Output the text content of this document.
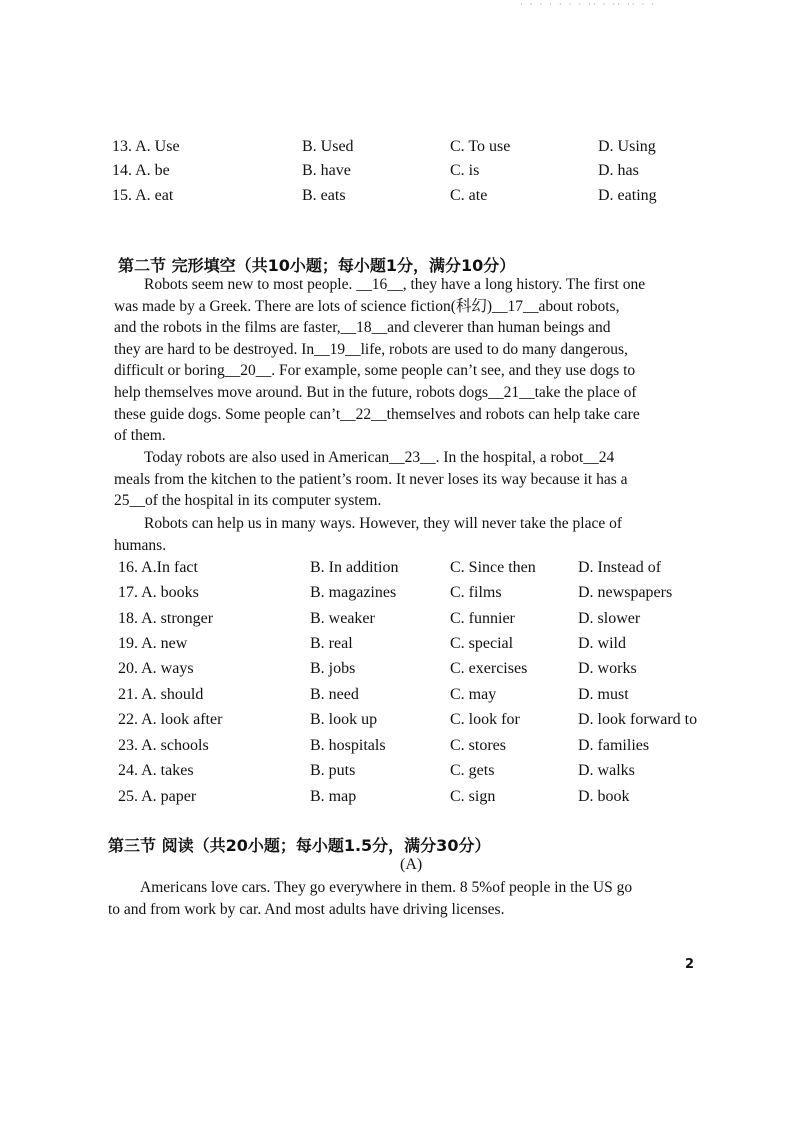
· · · · · · · ·· · ·· ·· · ·
13. A. Use	B. Used	C. To use	D. Using
14. A. be	B. have	C. is	D. has
15. A. eat	B. eats	C. ate	D. eating
第二节 完形填空（共10小题；每小题1分，满分10分）
Robots seem new to most people. __16__, they have a long history. The first one
was made by a Greek. There are lots of science fiction(科幻)__17__about robots,
and the robots in the films are faster,__18__and cleverer than human beings and
they are hard to be destroyed. In__19__life, robots are used to do many dangerous,
difficult or boring__20__. For example, some people can’t see, and they use dogs to
help themselves move around. But in the future, robots dogs__21__take the place of
these guide dogs. Some people can’t__22__themselves and robots can help take care
of them.
Today robots are also used in American__23__. In the hospital, a robot__24
meals from the kitchen to the patient’s room. It never loses its way because it has a
25__of the hospital in its computer system.
Robots can help us in many ways. However, they will never take the place of
humans.
16. A.In fact	B. In addition	C. Since then	D. Instead of
17. A. books	B. magazines	C. films	D. newspapers
18. A. stronger	B. weaker	C. funnier	D. slower
19. A. new	B. real	C. special	D. wild
20. A. ways	B. jobs	C. exercises	D. works
21. A. should	B. need	C. may	D. must
22. A. look after	B. look up	C. look for	D. look forward to
23. A. schools	B. hospitals	C. stores	D. families
24. A. takes	B. puts	C. gets	D. walks
25. A. paper	B. map	C. sign	D. book
第三节 阅读（共20小题；每小题1.5分，满分30分）
(A)
Americans love cars. They go everywhere in them. 8 5%of people in the US go
to and from work by car. And most adults have driving licenses.
2
